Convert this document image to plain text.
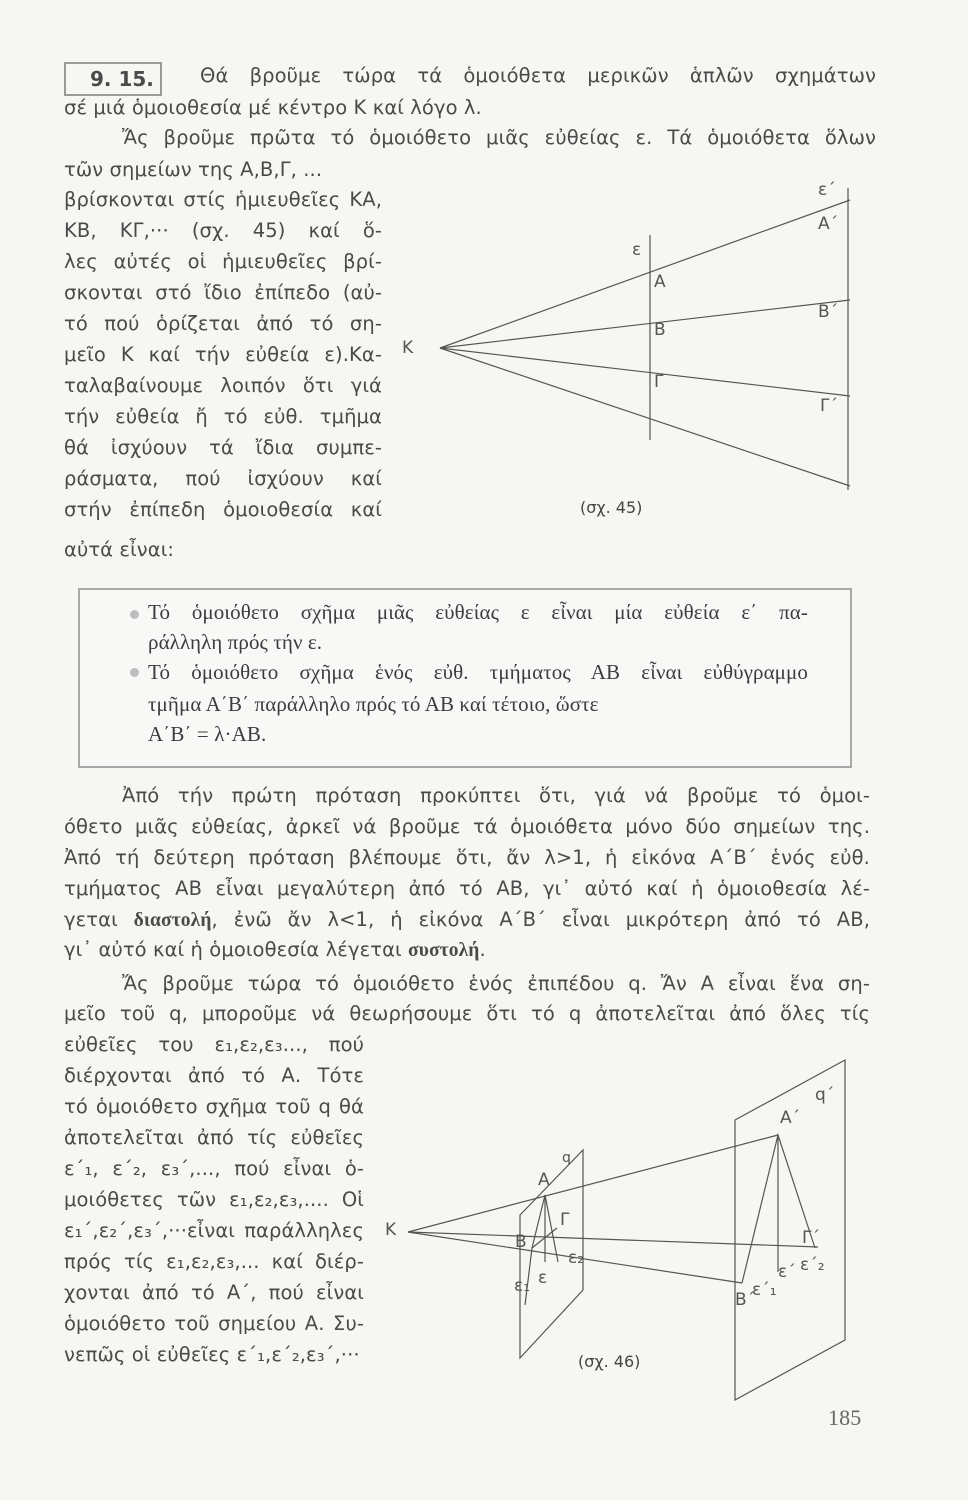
9. 15.	Θά βροῦμε τώρα τά ὁμοιόθετα μερικῶν ἁπλῶν σχημάτων
σέ μιά ὁμοιοθεσία μέ κέντρο Κ καί λόγο λ.
Ἄς βροῦμε πρῶτα τό ὁμοιόθετο μιᾶς εὐθείας ε. Τά ὁμοιόθετα ὅλων
τῶν σημείων της Α,Β,Γ, ...
βρίσκονται στίς ἡμιευθεῖες ΚΑ,
ΚΒ, ΚΓ,··· (σχ. 45) καί ὅ-
λες αὐτές οἱ ἡμιευθεῖες βρί-
σκονται στό ἴδιο ἐπίπεδο (αὐ-
τό πού ὁρίζεται ἀπό τό ση-
μεῖο Κ καί τήν εὐθεία ε).Κα-
ταλαβαίνουμε λοιπόν ὅτι γιά
τήν εὐθεία ἤ τό εὐθ. τμῆμα
θά ἰσχύουν τά ἴδια συμπε-
ράσματα, πού ἰσχύουν καί
στήν ἐπίπεδη ὁμοιοθεσία καί
αὐτά εἶναι:
Κ
ε
Α
Β
Γ
ε΄
Α΄
Β΄
Γ΄
(σχ. 45)
Τό ὁμοιόθετο σχῆμα μιᾶς εὐθείας ε εἶναι μία εὐθεία ε΄ πα-
ράλληλη πρός τήν ε.
Τό ὁμοιόθετο σχῆμα ἑνός εὐθ. τμήματος ΑΒ εἶναι εὐθύγραμμο
τμῆμα Α΄Β΄ παράλληλο πρός τό ΑΒ καί τέτοιο, ὥστε
Α΄Β΄ = λ·ΑΒ.
Ἀπό τήν πρώτη πρόταση προκύπτει ὅτι, γιά νά βροῦμε τό ὁμοι-
όθετο μιᾶς εὐθείας, ἀρκεῖ νά βροῦμε τά ὁμοιόθετα μόνο δύο σημείων της.
Ἀπό τή δεύτερη πρόταση βλέπουμε ὅτι, ἄν λ>1, ἡ εἰκόνα Α΄Β΄ ἑνός εὐθ.
τμήματος ΑΒ εἶναι μεγαλύτερη ἀπό τό ΑΒ, γι᾿ αὐτό καί ἡ ὁμοιοθεσία λέ-
γεται διαστολή, ἐνῶ ἄν λ<1, ἡ εἰκόνα Α΄Β΄ εἶναι μικρότερη ἀπό τό ΑΒ,
γι᾿ αὐτό καί ἡ ὁμοιοθεσία λέγεται συστολή.
Ἄς βροῦμε τώρα τό ὁμοιόθετο ἑνός ἐπιπέδου q. Ἄν Α εἶναι ἕνα ση-
μεῖο τοῦ q, μποροῦμε νά θεωρήσουμε ὅτι τό q ἀποτελεῖται ἀπό ὅλες τίς
εὐθεῖες του ε₁,ε₂,ε₃..., πού
διέρχονται ἀπό τό Α. Τότε
τό ὁμοιόθετο σχῆμα τοῦ q θά
ἀποτελεῖται ἀπό τίς εὐθεῖες
ε΄₁, ε΄₂, ε₃΄,..., πού εἶναι ὁ-
μοιόθετες τῶν ε₁,ε₂,ε₃,.... Οἱ
ε₁΄,ε₂΄,ε₃΄,···εἶναι παράλληλες
πρός τίς ε₁,ε₂,ε₃,... καί διέρ-
χονται ἀπό τό Α΄, πού εἶναι
ὁμοιόθετο τοῦ σημείου Α. Συ-
νεπῶς οἱ εὐθεῖες ε΄₁,ε΄₂,ε₃΄,···
Κ
Α
q
Β
Γ
ε₂
ε₁ ε
Α΄
q΄
Γ΄
ε΄₂
ε΄
ε΄₁
Β΄
(σχ. 46)
185
